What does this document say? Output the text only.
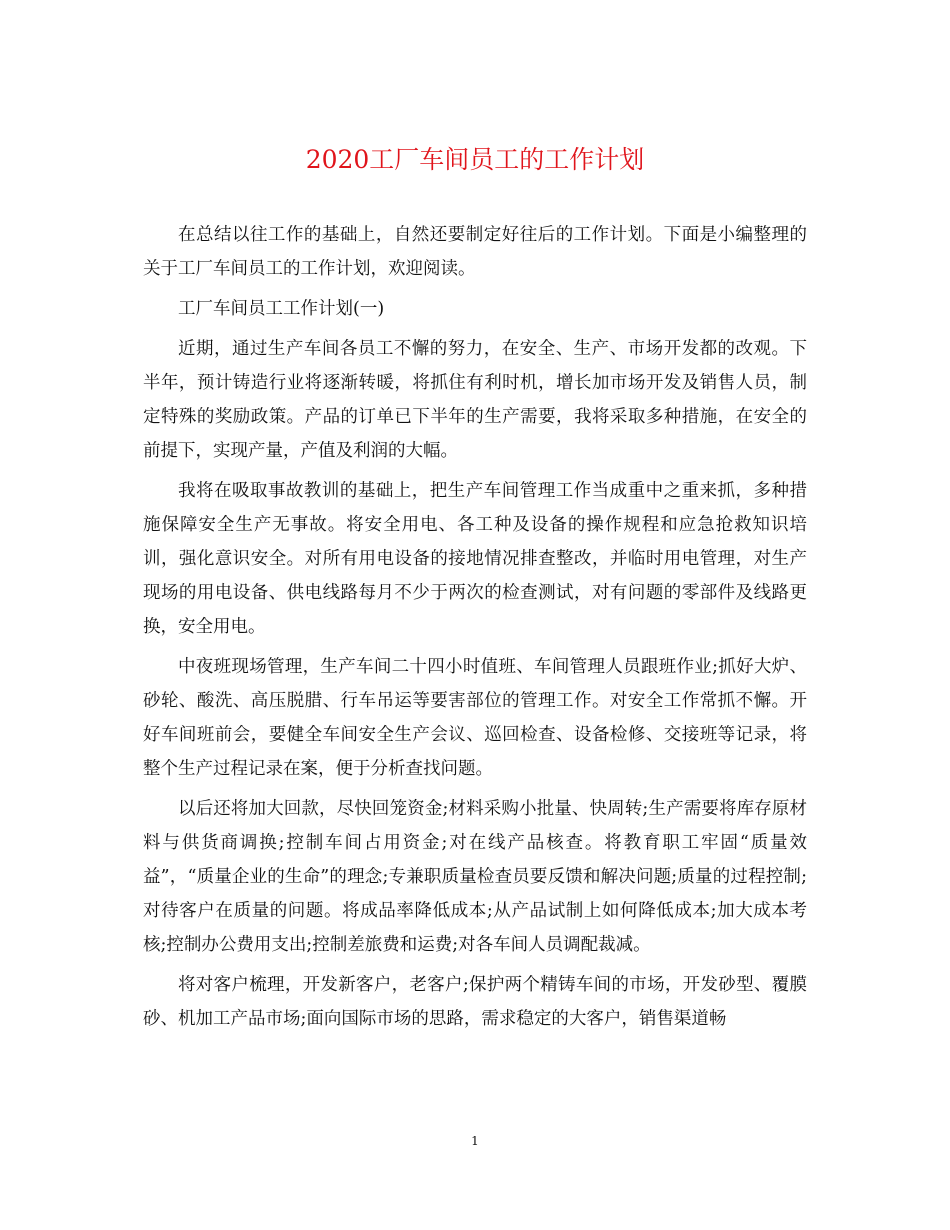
2020工厂车间员工的工作计划

在总结以往工作的基础上，自然还要制定好往后的工作计划。下面是小编整理的关于工厂车间员工的工作计划，欢迎阅读。

工厂车间员工工作计划(一)

近期，通过生产车间各员工不懈的努力，在安全、生产、市场开发都的改观。下半年，预计铸造行业将逐渐转暖，将抓住有利时机，增长加市场开发及销售人员，制定特殊的奖励政策。产品的订单已下半年的生产需要，我将采取多种措施，在安全的前提下，实现产量，产值及利润的大幅。

我将在吸取事故教训的基础上，把生产车间管理工作当成重中之重来抓，多种措施保障安全生产无事故。将安全用电、各工种及设备的操作规程和应急抢救知识培训，强化意识安全。对所有用电设备的接地情况排查整改，并临时用电管理，对生产现场的用电设备、供电线路每月不少于两次的检查测试，对有问题的零部件及线路更换，安全用电。

中夜班现场管理，生产车间二十四小时值班、车间管理人员跟班作业;抓好大炉、砂轮、酸洗、高压脱腊、行车吊运等要害部位的管理工作。对安全工作常抓不懈。开好车间班前会，要健全车间安全生产会议、巡回检查、设备检修、交接班等记录，将整个生产过程记录在案，便于分析查找问题。

以后还将加大回款，尽快回笼资金;材料采购小批量、快周转;生产需要将库存原材料与供货商调换;控制车间占用资金;对在线产品核查。将教育职工牢固“质量效益”，“质量企业的生命”的理念;专兼职质量检查员要反馈和解决问题;质量的过程控制;对待客户在质量的问题。将成品率降低成本;从产品试制上如何降低成本;加大成本考核;控制办公费用支出;控制差旅费和运费;对各车间人员调配裁减。

将对客户梳理，开发新客户，老客户;保护两个精铸车间的市场，开发砂型、覆膜砂、机加工产品市场;面向国际市场的思路，需求稳定的大客户，销售渠道畅

1
